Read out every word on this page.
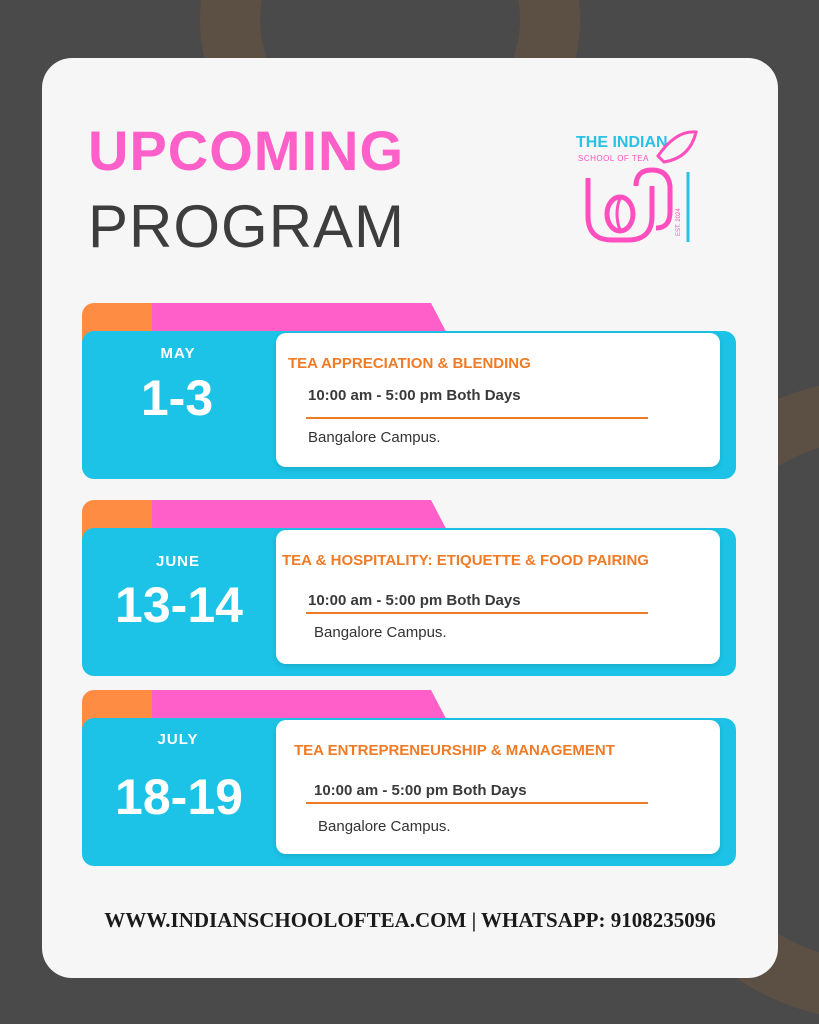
UPCOMING
PROGRAM
THE INDIAN
SCHOOL OF TEA
EST. 2024
MAY
1-3
TEA APPRECIATION & BLENDING
10:00 am - 5:00 pm Both Days
Bangalore Campus.
JUNE
13-14
TEA & HOSPITALITY: ETIQUETTE & FOOD PAIRING
10:00 am - 5:00 pm Both Days
Bangalore Campus.
JULY
18-19
TEA ENTREPRENEURSHIP & MANAGEMENT
10:00 am - 5:00 pm Both Days
Bangalore Campus.
WWW.INDIANSCHOOLOFTEA.COM | WHATSAPP: 9108235096
